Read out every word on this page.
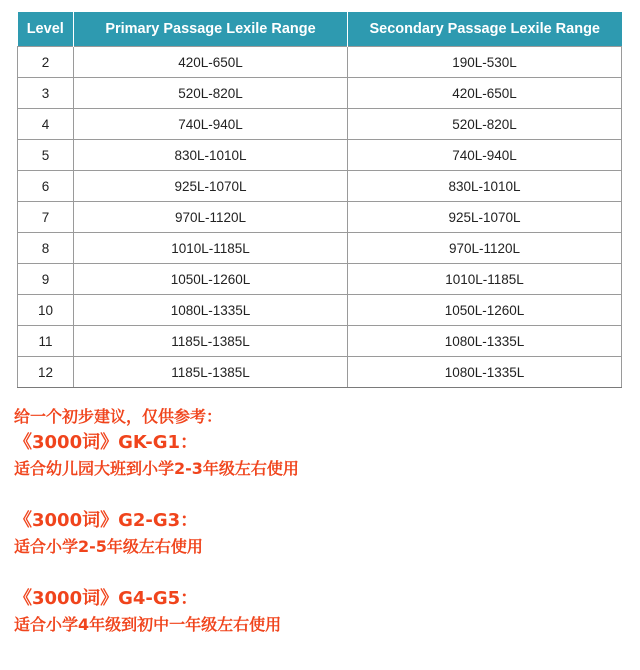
Level	Primary Passage Lexile Range	Secondary Passage Lexile Range
2	420L-650L	190L-530L
3	520L-820L	420L-650L
4	740L-940L	520L-820L
5	830L-1010L	740L-940L
6	925L-1070L	830L-1010L
7	970L-1120L	925L-1070L
8	1010L-1185L	970L-1120L
9	1050L-1260L	1010L-1185L
10	1080L-1335L	1050L-1260L
11	1185L-1385L	1080L-1335L
12	1185L-1385L	1080L-1335L
给一个初步建议，仅供参考：
《3000词》GK-G1：
适合幼儿园大班到小学2-3年级左右使用
《3000词》G2-G3：
适合小学2-5年级左右使用
《3000词》G4-G5：
适合小学4年级到初中一年级左右使用
